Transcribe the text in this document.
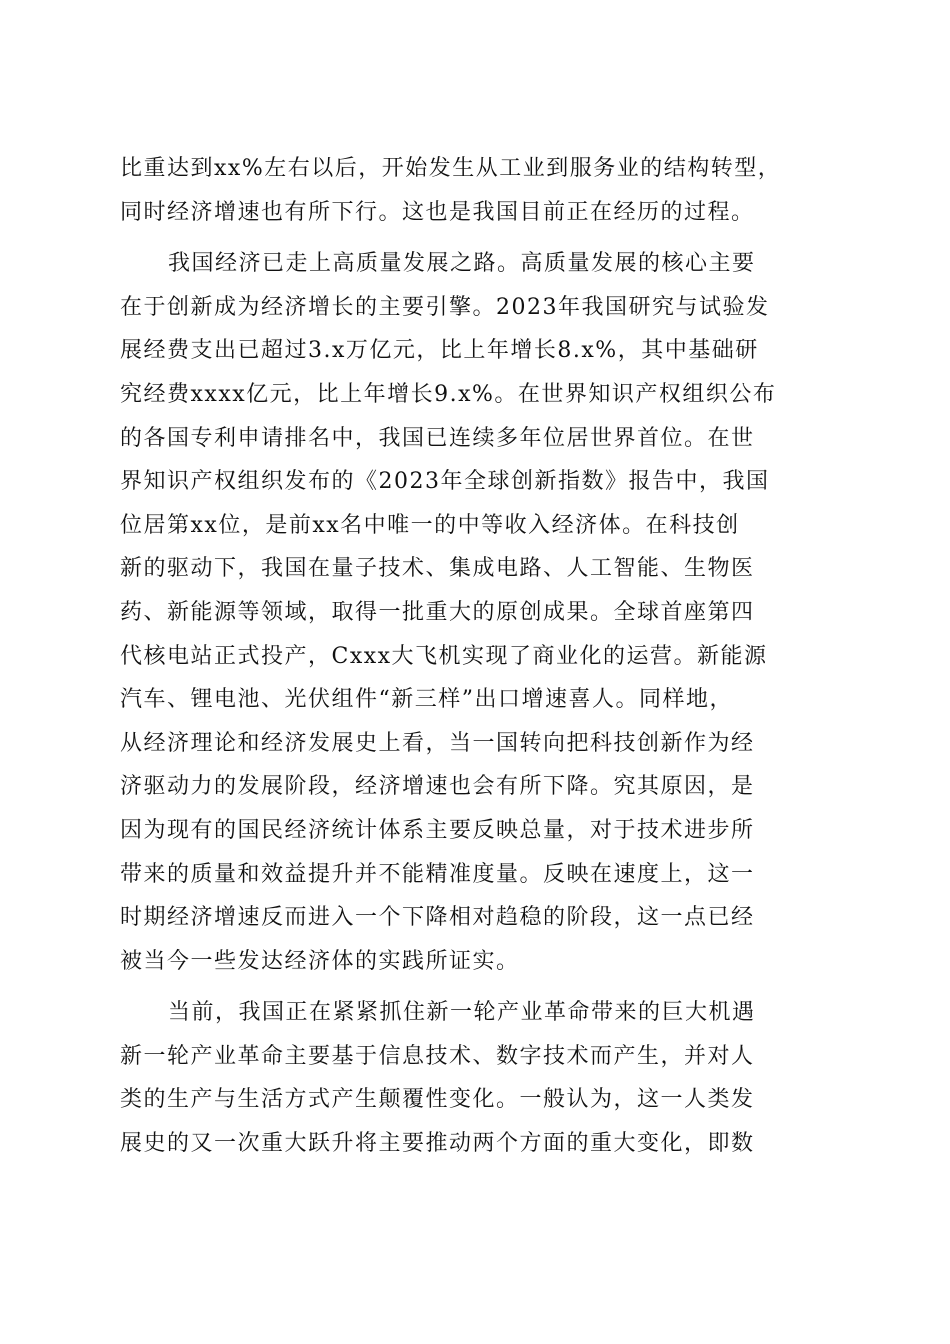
比重达到xx%左右以后，开始发生从工业到服务业的结构转型，
同时经济增速也有所下行。这也是我国目前正在经历的过程。
我国经济已走上高质量发展之路。高质量发展的核心主要
在于创新成为经济增长的主要引擎。2023年我国研究与试验发
展经费支出已超过3.x万亿元，比上年增长8.x%，其中基础研
究经费xxxx亿元，比上年增长9.x%。在世界知识产权组织公布
的各国专利申请排名中，我国已连续多年位居世界首位。在世
界知识产权组织发布的《2023年全球创新指数》报告中，我国
位居第xx位，是前xx名中唯一的中等收入经济体。在科技创
新的驱动下，我国在量子技术、集成电路、人工智能、生物医
药、新能源等领域，取得一批重大的原创成果。全球首座第四
代核电站正式投产，Cxxx大飞机实现了商业化的运营。新能源
汽车、锂电池、光伏组件“新三样”出口增速喜人。同样地，
从经济理论和经济发展史上看，当一国转向把科技创新作为经
济驱动力的发展阶段，经济增速也会有所下降。究其原因，是
因为现有的国民经济统计体系主要反映总量，对于技术进步所
带来的质量和效益提升并不能精准度量。反映在速度上，这一
时期经济增速反而进入一个下降相对趋稳的阶段，这一点已经
被当今一些发达经济体的实践所证实。
当前，我国正在紧紧抓住新一轮产业革命带来的巨大机遇
新一轮产业革命主要基于信息技术、数字技术而产生，并对人
类的生产与生活方式产生颠覆性变化。一般认为，这一人类发
展史的又一次重大跃升将主要推动两个方面的重大变化，即数
